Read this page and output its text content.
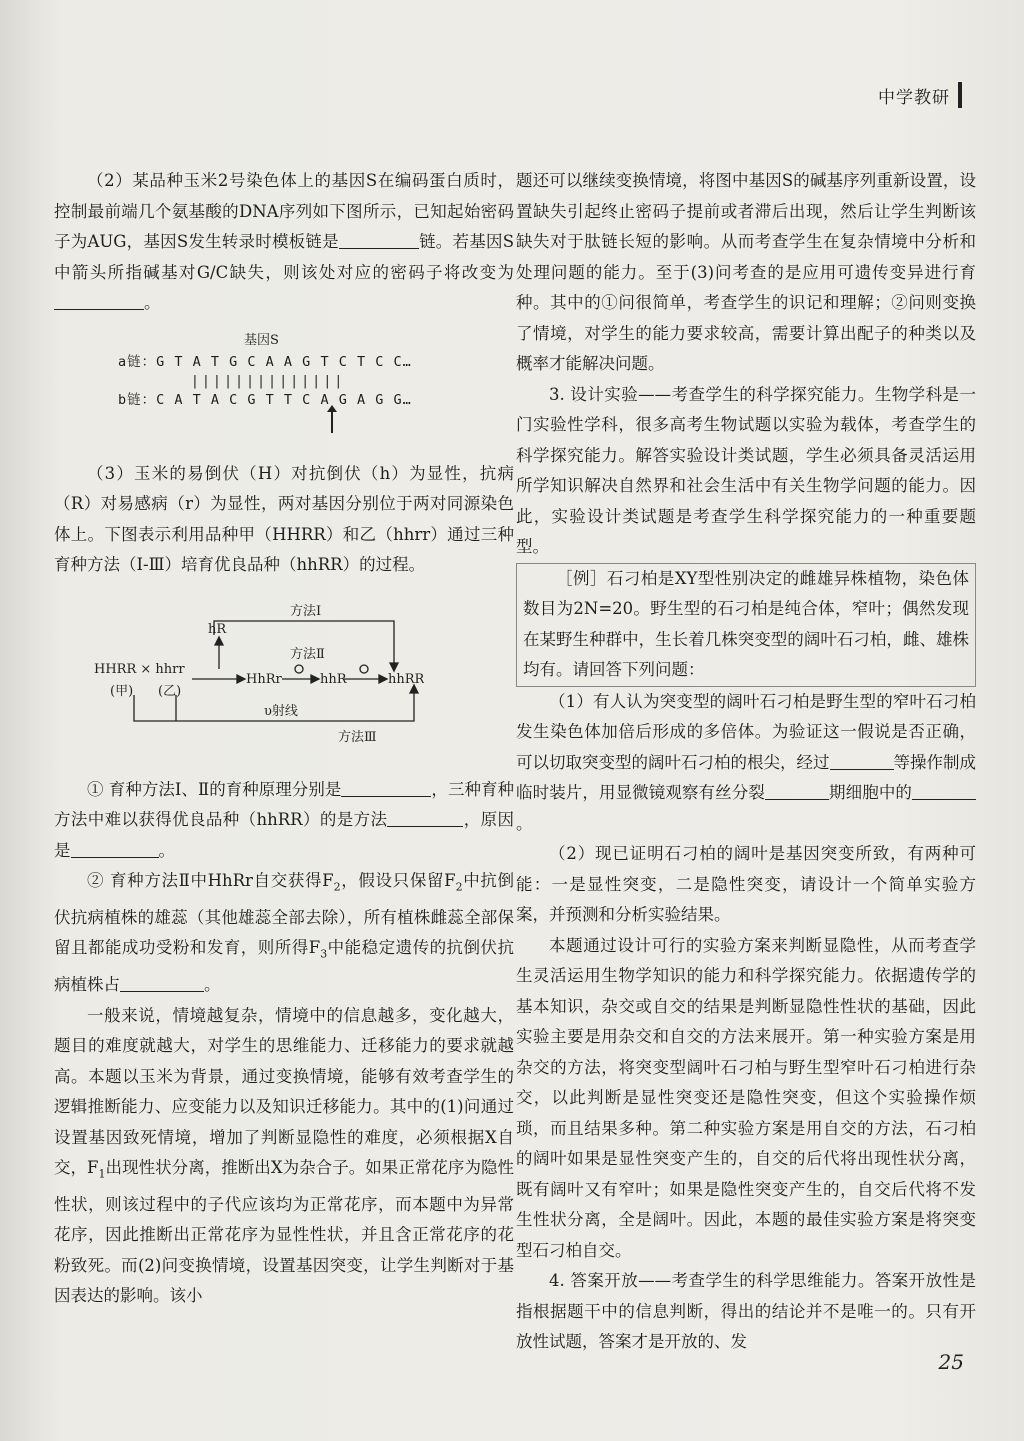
中学教研

（2）某品种玉米2号染色体上的基因S在编码蛋白质时，控制最前端几个氨基酸的DNA序列如下图所示，已知起始密码子为AUG，基因S发生转录时模板链是	链。若基因S中箭头所指碱基对G/C缺失，则该处对应的密码子将改变为。

基因S
a链：G T A T G C A A G T C T C C…
||||||||||||||
b链：C A T A C G T T C A G A G G…

（3）玉米的易倒伏（H）对抗倒伏（h）为显性，抗病（R）对易感病（r）为显性，两对基因分别位于两对同源染色体上。下图表示利用品种甲（HHRR）和乙（hhrr）通过三种育种方法（Ⅰ-Ⅲ）培育优良品种（hhRR）的过程。

方法Ⅰ
hR
方法Ⅱ
HHRR × hhrr
(甲) (乙)
HhRr	hhR	hhRR
υ射线
方法Ⅲ

① 育种方法Ⅰ、Ⅱ的育种原理分别是	，三种育种方法中难以获得优良品种（hhRR）的是方法	，原因是	。

② 育种方法Ⅱ中HhRr自交获得$F_2$，假设只保留$F_2$中抗倒伏抗病植株的雄蕊（其他雄蕊全部去除），所有植株雌蕊全部保留且都能成功受粉和发育，则所得$F_3$中能稳定遗传的抗倒伏抗病植株占	。

一般来说，情境越复杂，情境中的信息越多，变化越大，题目的难度就越大，对学生的思维能力、迁移能力的要求就越高。本题以玉米为背景，通过变换情境，能够有效考查学生的逻辑推断能力、应变能力以及知识迁移能力。其中的(1)问通过设置基因致死情境，增加了判断显隐性的难度，必须根据X自交，$F_1$出现性状分离，推断出X为杂合子。如果正常花序为隐性性状，则该过程中的子代应该均为正常花序，而本题中为异常花序，因此推断出正常花序为显性性状，并且含正常花序的花粉致死。而(2)问变换情境，设置基因突变，让学生判断对于基因表达的影响。该小

题还可以继续变换情境，将图中基因S的碱基序列重新设置，设置缺失引起终止密码子提前或者滞后出现，然后让学生判断该缺失对于肽链长短的影响。从而考查学生在复杂情境中分析和处理问题的能力。至于(3)问考查的是应用可遗传变异进行育种。其中的①问很简单，考查学生的识记和理解；②问则变换了情境，对学生的能力要求较高，需要计算出配子的种类以及概率才能解决问题。

3. 设计实验——考查学生的科学探究能力。生物学科是一门实验性学科，很多高考生物试题以实验为载体，考查学生的科学探究能力。解答实验设计类试题，学生必须具备灵活运用所学知识解决自然界和社会生活中有关生物学问题的能力。因此，实验设计类试题是考查学生科学探究能力的一种重要题型。

［例］石刁柏是XY型性别决定的雌雄异株植物，染色体数目为2N=20。野生型的石刁柏是纯合体，窄叶；偶然发现在某野生种群中，生长着几株突变型的阔叶石刁柏，雌、雄株均有。请回答下列问题：

（1）有人认为突变型的阔叶石刁柏是野生型的窄叶石刁柏发生染色体加倍后形成的多倍体。为验证这一假说是否正确，可以切取突变型的阔叶石刁柏的根尖，经过	等操作制成临时装片，用显微镜观察有丝分裂	期细胞中的。

（2）现已证明石刁柏的阔叶是基因突变所致，有两种可能：一是显性突变，二是隐性突变，请设计一个简单实验方案，并预测和分析实验结果。

本题通过设计可行的实验方案来判断显隐性，从而考查学生灵活运用生物学知识的能力和科学探究能力。依据遗传学的基本知识，杂交或自交的结果是判断显隐性性状的基础，因此实验主要是用杂交和自交的方法来展开。第一种实验方案是用杂交的方法，将突变型阔叶石刁柏与野生型窄叶石刁柏进行杂交，以此判断是显性突变还是隐性突变，但这个实验操作烦琐，而且结果多种。第二种实验方案是用自交的方法，石刁柏的阔叶如果是显性突变产生的，自交的后代将出现性状分离，既有阔叶又有窄叶；如果是隐性突变产生的，自交后代将不发生性状分离，全是阔叶。因此，本题的最佳实验方案是将突变型石刁柏自交。

4. 答案开放——考查学生的科学思维能力。答案开放性是指根据题干中的信息判断，得出的结论并不是唯一的。只有开放性试题，答案才是开放的、发

25
